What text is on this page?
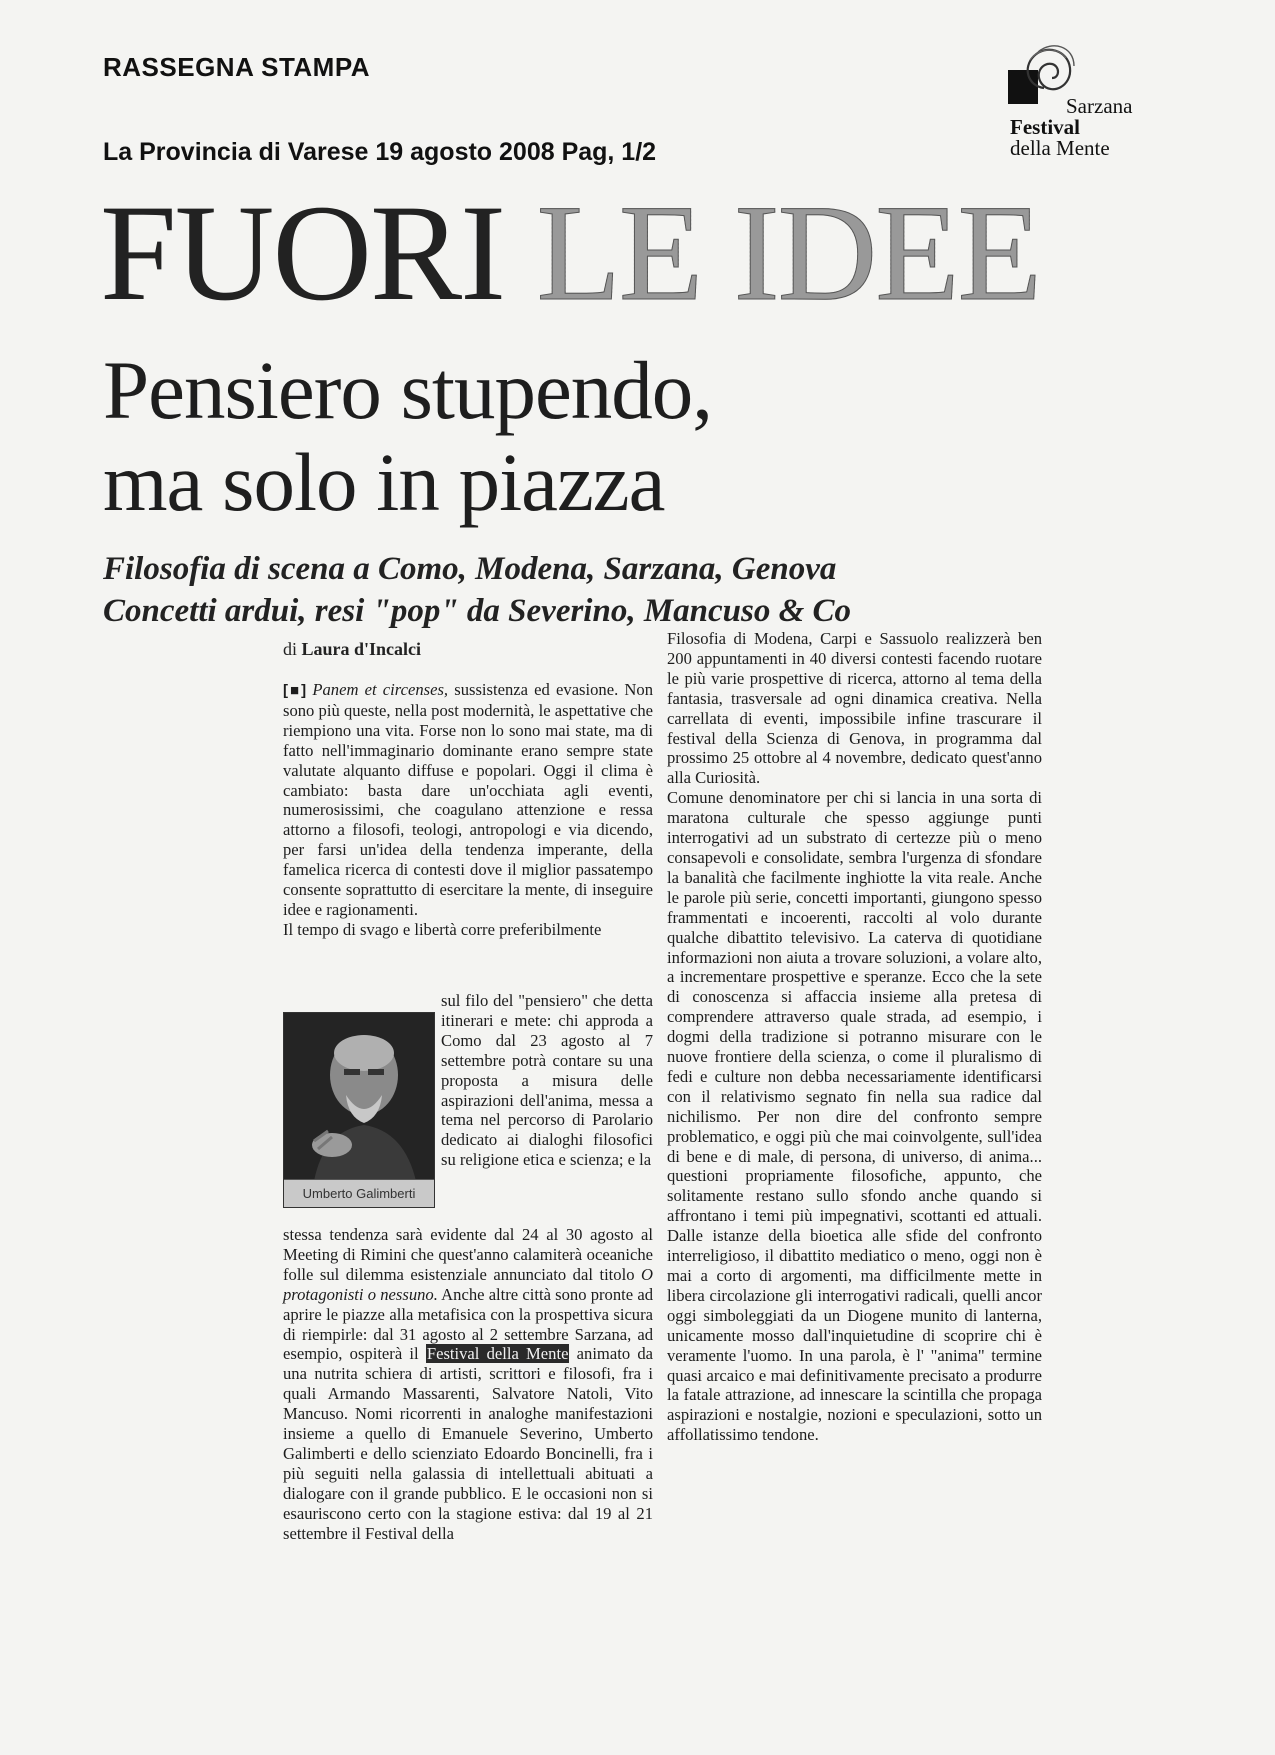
RASSEGNA STAMPA
La Provincia di Varese 19 agosto 2008 Pag, 1/2
Sarzana
Festival
della Mente
FUORI LE IDEE
Pensiero stupendo,
ma solo in piazza
Filosofia di scena a Como, Modena, Sarzana, Genova
Concetti ardui, resi "pop" da Severino, Mancuso & Co
di Laura d'Incalci

[■] Panem et circenses, sussistenza ed evasione. Non sono più queste, nella post modernità, le aspettative che riempiono una vita. Forse non lo sono mai state, ma di fatto nell'immaginario dominante erano sempre state valutate alquanto diffuse e popolari. Oggi il clima è cambiato: basta dare un'occhiata agli eventi, numerosissimi, che coagulano attenzione e ressa attorno a filosofi, teologi, antropologi e via dicendo, per farsi un'idea della tendenza imperante, della famelica ricerca di contesti dove il miglior passatempo consente soprattutto di esercitare la mente, di inseguire idee e ragionamenti.

Il tempo di svago e libertà corre preferibilmente

Umberto Galimberti

sul filo del "pensiero" che detta itinerari e mete: chi approda a Como dal 23 agosto al 7 settembre potrà contare su una proposta a misura delle aspirazioni dell'anima, messa a tema nel percorso di Parolario dedicato ai dialoghi filosofici su religione etica e scienza; e la

stessa tendenza sarà evidente dal 24 al 30 agosto al Meeting di Rimini che quest'anno calamiterà oceaniche folle sul dilemma esistenziale annunciato dal titolo O protagonisti o nessuno. Anche altre città sono pronte ad aprire le piazze alla metafisica con la prospettiva sicura di riempirle: dal 31 agosto al 2 settembre Sarzana, ad esempio, ospiterà il Festival della Mente animato da una nutrita schiera di artisti, scrittori e filosofi, fra i quali Armando Massarenti, Salvatore Natoli, Vito Mancuso. Nomi ricorrenti in analoghe manifestazioni insieme a quello di Emanuele Severino, Umberto Galimberti e dello scienziato Edoardo Boncinelli, fra i più seguiti nella galassia di intellettuali abituati a dialogare con il grande pubblico. E le occasioni non si esauriscono certo con la stagione estiva: dal 19 al 21 settembre il Festival della

Filosofia di Modena, Carpi e Sassuolo realizzerà ben 200 appuntamenti in 40 diversi contesti facendo ruotare le più varie prospettive di ricerca, attorno al tema della fantasia, trasversale ad ogni dinamica creativa. Nella carrellata di eventi, impossibile infine trascurare il festival della Scienza di Genova, in programma dal prossimo 25 ottobre al 4 novembre, dedicato quest'anno alla Curiosità.

Comune denominatore per chi si lancia in una sorta di maratona culturale che spesso aggiunge punti interrogativi ad un substrato di certezze più o meno consapevoli e consolidate, sembra l'urgenza di sfondare la banalità che facilmente inghiotte la vita reale. Anche le parole più serie, concetti importanti, giungono spesso frammentati e incoerenti, raccolti al volo durante qualche dibattito televisivo. La caterva di quotidiane informazioni non aiuta a trovare soluzioni, a volare alto, a incrementare prospettive e speranze. Ecco che la sete di conoscenza si affaccia insieme alla pretesa di comprendere attraverso quale strada, ad esempio, i dogmi della tradizione si potranno misurare con le nuove frontiere della scienza, o come il pluralismo di fedi e culture non debba necessariamente identificarsi con il relativismo segnato fin nella sua radice dal nichilismo. Per non dire del confronto sempre problematico, e oggi più che mai coinvolgente, sull'idea di bene e di male, di persona, di universo, di anima... questioni propriamente filosofiche, appunto, che solitamente restano sullo sfondo anche quando si affrontano i temi più impegnativi, scottanti ed attuali. Dalle istanze della bioetica alle sfide del confronto interreligioso, il dibattito mediatico o meno, oggi non è mai a corto di argomenti, ma difficilmente mette in libera circolazione gli interrogativi radicali, quelli ancor oggi simboleggiati da un Diogene munito di lanterna, unicamente mosso dall'inquietudine di scoprire chi è veramente l'uomo. In una parola, è l' "anima" termine quasi arcaico e mai definitivamente precisato a produrre la fatale attrazione, ad innescare la scintilla che propaga aspirazioni e nostalgie, nozioni e speculazioni, sotto un affollatissimo tendone.
